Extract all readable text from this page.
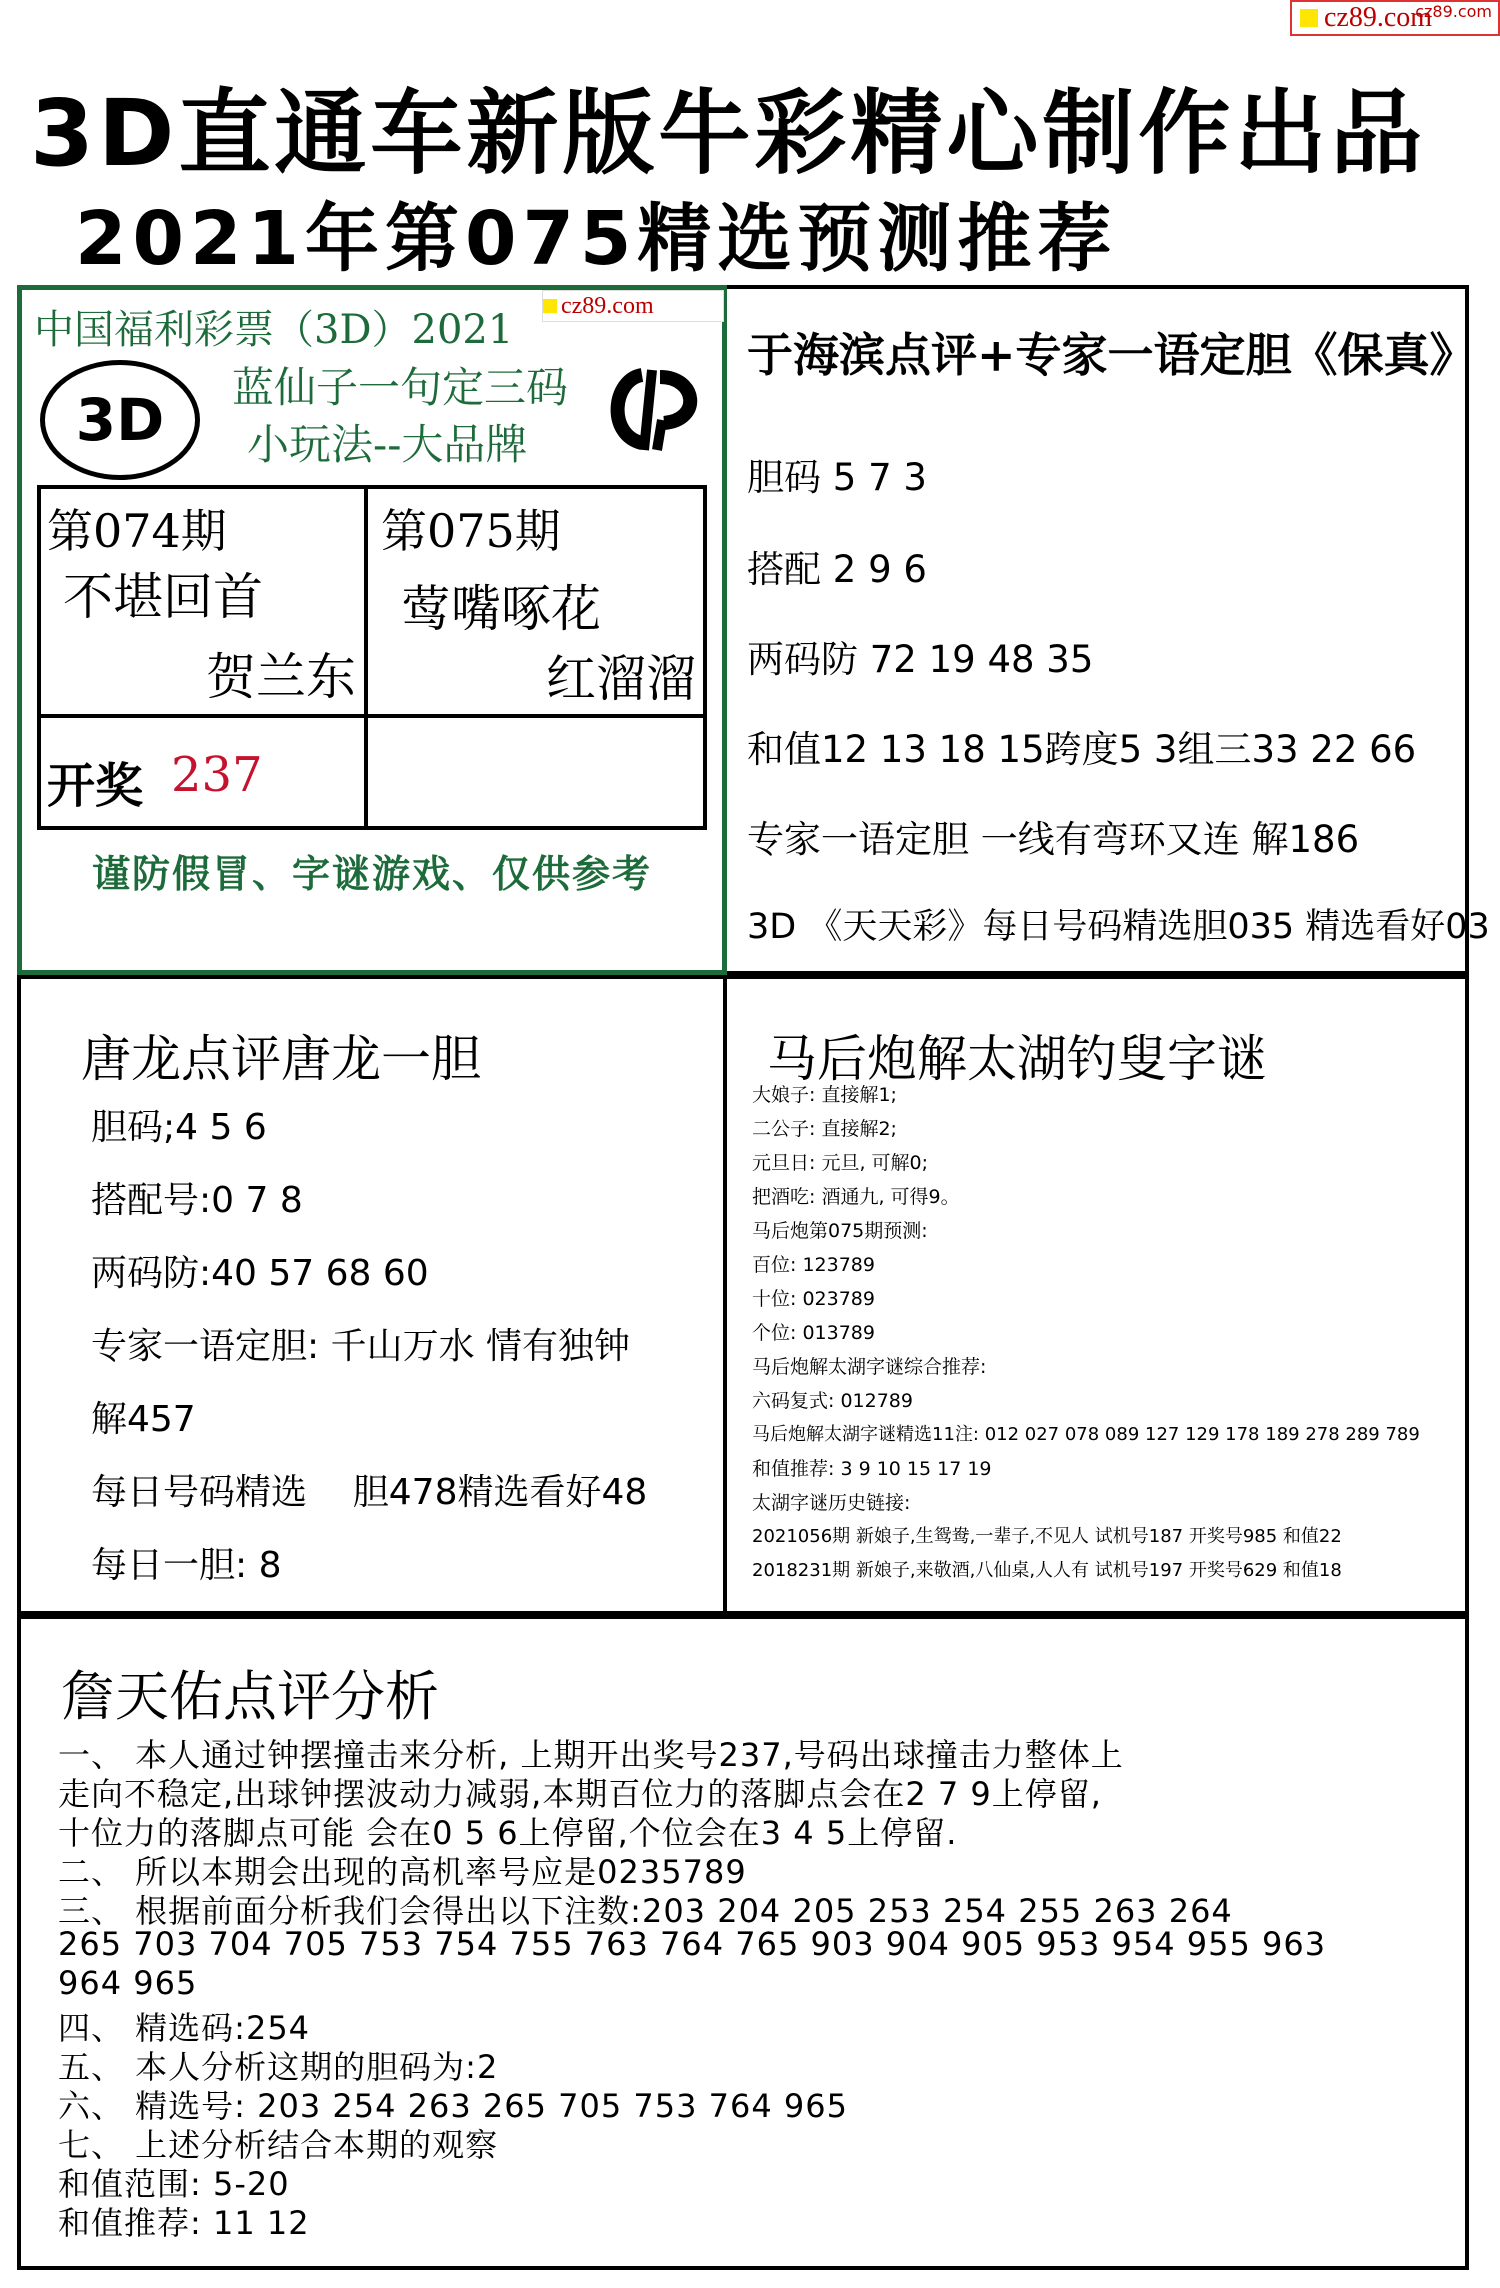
cz89.com
cz89.com
3D直通车新版牛彩精心制作出品
2021年第075精选预测推荐
中国福利彩票（3D）2021
cz89.com
3D 蓝仙子一句定三码
小玩法--大品牌
第074期
不堪回首
贺兰东
第075期
莺嘴啄花
红溜溜
开奖 237
谨防假冒、字谜游戏、仅供参考
于海滨点评+专家一语定胆《保真》
胆码 5 7 3
搭配 2 9 6
两码防 72 19 48 35
和值12 13 18 15跨度5 3组三33 22 66
专家一语定胆 一线有弯环又连 解186
3D 《天天彩》每日号码精选胆035 精选看好03
唐龙点评唐龙一胆
胆码;4 5 6
搭配号:0 7 8
两码防:40 57 68 60
专家一语定胆: 千山万水 情有独钟
解457
每日号码精选    胆478精选看好48
每日一胆: 8
马后炮解太湖钓叟字谜
大娘子: 直接解1;
二公子: 直接解2;
元旦日: 元旦, 可解0;
把酒吃: 酒通九, 可得9。
马后炮第075期预测:
百位: 123789
十位: 023789
个位: 013789
马后炮解太湖字谜综合推荐:
六码复式: 012789
马后炮解太湖字谜精选11注: 012 027 078 089 127 129 178 189 278 289 789
和值推荐: 3 9 10 15 17 19
太湖字谜历史链接:
2021056期 新娘子,生鸳鸯,一辈子,不见人 试机号187 开奖号985 和值22
2018231期 新娘子,来敬酒,八仙桌,人人有 试机号197 开奖号629 和值18
詹天佑点评分析
一、 本人通过钟摆撞击来分析, 上期开出奖号237,号码出球撞击力整体上
走向不稳定,出球钟摆波动力减弱,本期百位力的落脚点会在2 7 9上停留,
十位力的落脚点可能 会在0 5 6上停留,个位会在3 4 5上停留.
二、 所以本期会出现的高机率号应是0235789
三、 根据前面分析我们会得出以下注数:203 204 205 253 254 255 263 264
265 703 704 705 753 754 755 763 764 765 903 904 905 953 954 955 963
964 965
四、 精选码:254
五、 本人分析这期的胆码为:2
六、 精选号: 203 254 263 265 705 753 764 965
七、 上述分析结合本期的观察
和值范围: 5-20
和值推荐: 11 12
